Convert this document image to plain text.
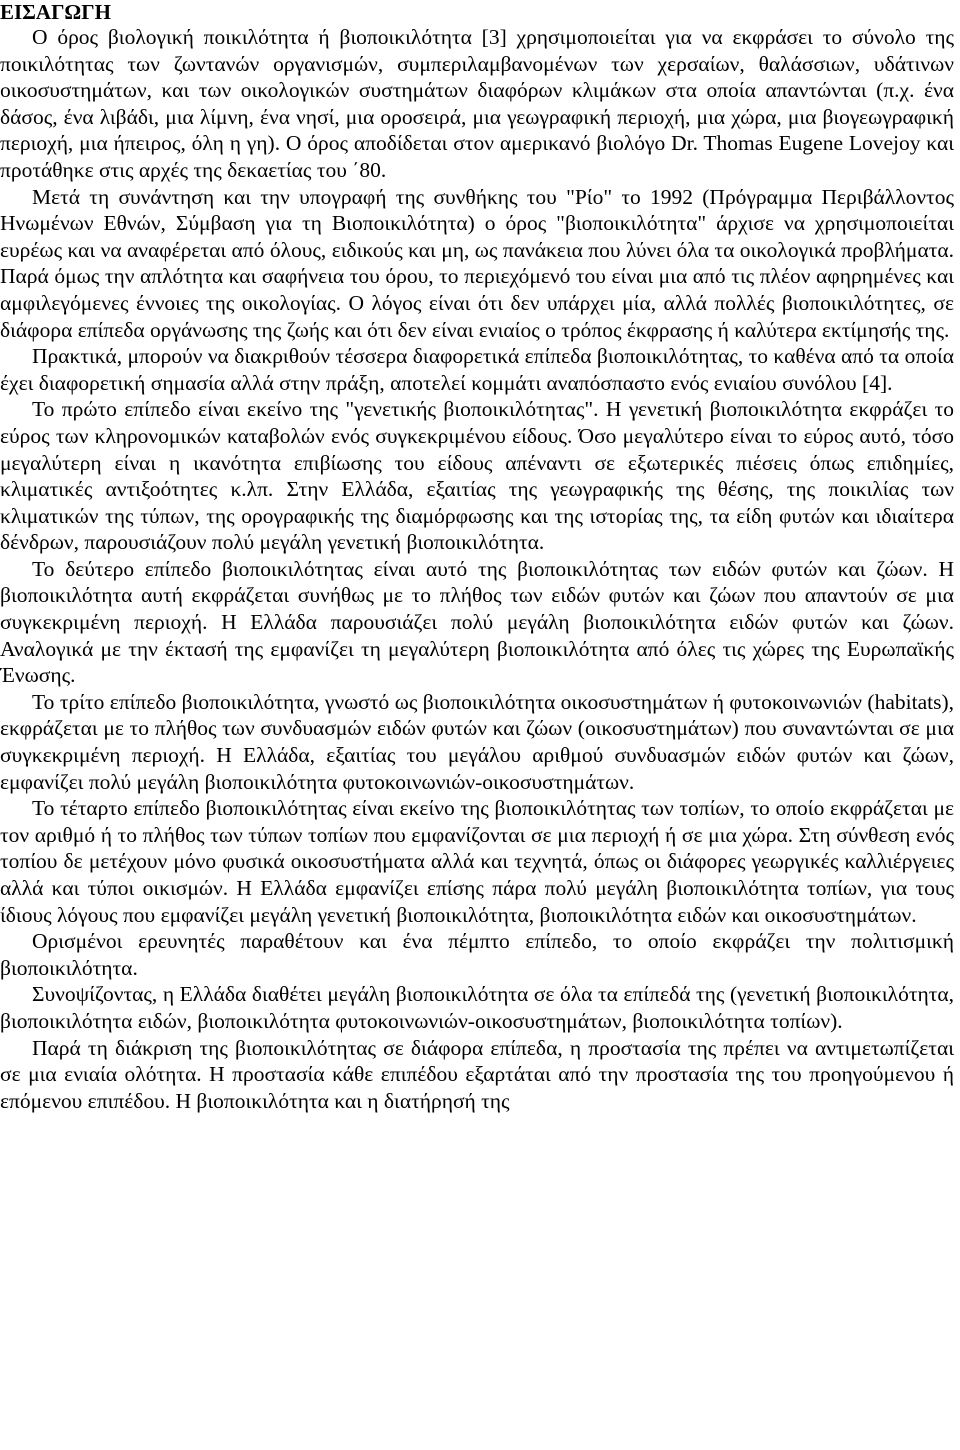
ΕΙΣΑΓΩΓΗ

Ο όρος βιολογική ποικιλότητα ή βιοποικιλότητα [3] χρησιμοποιείται για να εκφράσει το σύνολο της ποικιλότητας των ζωντανών οργανισμών, συμπεριλαμβανομένων των χερσαίων, θαλάσσιων, υδάτινων οικοσυστημάτων, και των οικολογικών συστημάτων διαφόρων κλιμάκων στα οποία απαντώνται (π.χ. ένα δάσος, ένα λιβάδι, μια λίμνη, ένα νησί, μια οροσειρά, μια γεωγραφική περιοχή, μια χώρα, μια βιογεωγραφική περιοχή, μια ήπειρος, όλη η γη). Ο όρος αποδίδεται στον αμερικανό βιολόγο Dr. Thomas Eugene Lovejoy και προτάθηκε στις αρχές της δεκαετίας του ΄80.

Μετά τη συνάντηση και την υπογραφή της συνθήκης του "Ρίο" το 1992 (Πρόγραμμα Περιβάλλοντος Ηνωμένων Εθνών, Σύμβαση για τη Βιοποικιλότητα) ο όρος "βιοποικιλότητα" άρχισε να χρησιμοποιείται ευρέως και να αναφέρεται από όλους, ειδικούς και μη, ως πανάκεια που λύνει όλα τα οικολογικά προβλήματα. Παρά όμως την απλότητα και σαφήνεια του όρου, το περιεχόμενό του είναι μια από τις πλέον αφηρημένες και αμφιλεγόμενες έννοιες της οικολογίας. Ο λόγος είναι ότι δεν υπάρχει μία, αλλά πολλές βιοποικιλότητες, σε διάφορα επίπεδα οργάνωσης της ζωής και ότι δεν είναι ενιαίος ο τρόπος έκφρασης ή καλύτερα εκτίμησής της.

Πρακτικά, μπορούν να διακριθούν τέσσερα διαφορετικά επίπεδα βιοποικιλότητας, το καθένα από τα οποία έχει διαφορετική σημασία αλλά στην πράξη, αποτελεί κομμάτι αναπόσπαστο ενός ενιαίου συνόλου [4].

Το πρώτο επίπεδο είναι εκείνο της "γενετικής βιοποικιλότητας". Η γενετική βιοποικιλότητα εκφράζει το εύρος των κληρονομικών καταβολών ενός συγκεκριμένου είδους. Όσο μεγαλύτερο είναι το εύρος αυτό, τόσο μεγαλύτερη είναι η ικανότητα επιβίωσης του είδους απέναντι σε εξωτερικές πιέσεις όπως επιδημίες, κλιματικές αντιξοότητες κ.λπ. Στην Ελλάδα, εξαιτίας της γεωγραφικής της θέσης, της ποικιλίας των κλιματικών της τύπων, της ορογραφικής της διαμόρφωσης και της ιστορίας της, τα είδη φυτών και ιδιαίτερα δένδρων, παρουσιάζουν πολύ μεγάλη γενετική βιοποικιλότητα.

Το δεύτερο επίπεδο βιοποικιλότητας είναι αυτό της βιοποικιλότητας των ειδών φυτών και ζώων. Η βιοποικιλότητα αυτή εκφράζεται συνήθως με το πλήθος των ειδών φυτών και ζώων που απαντούν σε μια συγκεκριμένη περιοχή. Η Ελλάδα παρουσιάζει πολύ μεγάλη βιοποικιλότητα ειδών φυτών και ζώων. Αναλογικά με την έκτασή της εμφανίζει τη μεγαλύτερη βιοποικιλότητα από όλες τις χώρες της Ευρωπαϊκής Ένωσης.

Το τρίτο επίπεδο βιοποικιλότητα, γνωστό ως βιοποικιλότητα οικοσυστημάτων ή φυτοκοινωνιών (habitats), εκφράζεται με το πλήθος των συνδυασμών ειδών φυτών και ζώων (οικοσυστημάτων) που συναντώνται σε μια συγκεκριμένη περιοχή. Η Ελλάδα, εξαιτίας του μεγάλου αριθμού συνδυασμών ειδών φυτών και ζώων, εμφανίζει πολύ μεγάλη βιοποικιλότητα φυτοκοινωνιών-οικοσυστημάτων.

Το τέταρτο επίπεδο βιοποικιλότητας είναι εκείνο της βιοποικιλότητας των τοπίων, το οποίο εκφράζεται με τον αριθμό ή το πλήθος των τύπων τοπίων που εμφανίζονται σε μια περιοχή ή σε μια χώρα. Στη σύνθεση ενός τοπίου δε μετέχουν μόνο φυσικά οικοσυστήματα αλλά και τεχνητά, όπως οι διάφορες γεωργικές καλλιέργειες αλλά και τύποι οικισμών. Η Ελλάδα εμφανίζει επίσης πάρα πολύ μεγάλη βιοποικιλότητα τοπίων, για τους ίδιους λόγους που εμφανίζει μεγάλη γενετική βιοποικιλότητα, βιοποικιλότητα ειδών και οικοσυστημάτων.

Ορισμένοι ερευνητές παραθέτουν και ένα πέμπτο επίπεδο, το οποίο εκφράζει την πολιτισμική βιοποικιλότητα.

Συνοψίζοντας, η Ελλάδα διαθέτει μεγάλη βιοποικιλότητα σε όλα τα επίπεδά της (γενετική βιοποικιλότητα, βιοποικιλότητα ειδών, βιοποικιλότητα φυτοκοινωνιών-οικοσυστημάτων, βιοποικιλότητα τοπίων).

Παρά τη διάκριση της βιοποικιλότητας σε διάφορα επίπεδα, η προστασία της πρέπει να αντιμετωπίζεται σε μια ενιαία ολότητα. Η προστασία κάθε επιπέδου εξαρτάται από την προστασία της του προηγούμενου ή επόμενου επιπέδου. Η βιοποικιλότητα και η διατήρησή της
